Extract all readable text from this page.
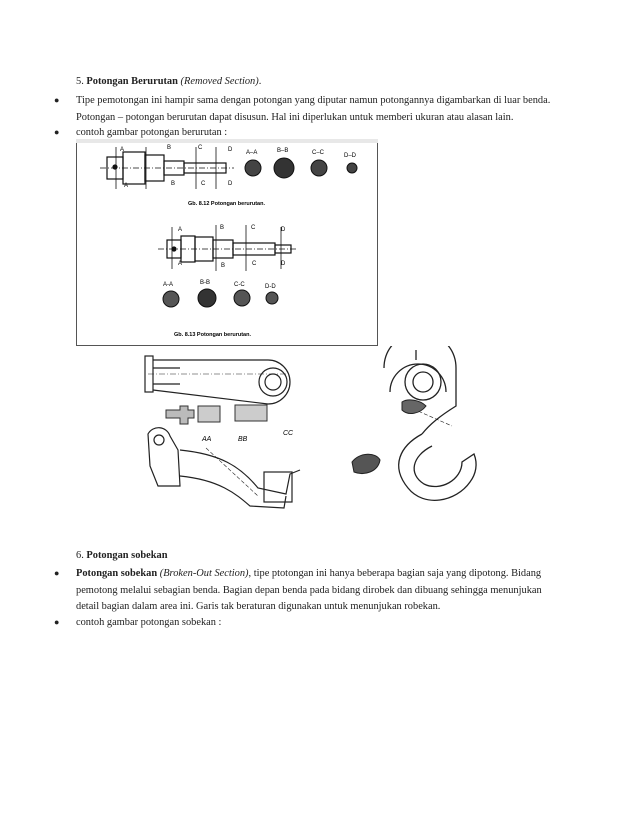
5. Potongan Berurutan (Removed Section).
● Tipe pemotongan ini hampir sama dengan potongan yang diputar namun potongannya digambarkan di luar benda.
Potongan – potongan berurutan dapat disusun. Hal ini diperlukan untuk memberi ukuran atau alasan lain.
● contoh gambar potongan berurutan :
A	B	C	D
A	B	C	D
A–A	B–B	C–C	D–D
Gb. 8.12 Potongan berurutan.
A	B	C	D
A	B	C	D
A-A	B-B	C-C	D-D
Gb. 8.13 Potongan berurutan.
AA	BB
CC
6. Potongan sobekan
● Potongan sobekan (Broken-Out Section), tipe ptotongan ini hanya beberapa bagian saja yang dipotong. Bidang
pemotong melalui sebagian benda. Bagian depan benda pada bidang dirobek dan dibuang sehingga menunjukan
detail bagian dalam area ini. Garis tak beraturan digunakan untuk menunjukan robekan.
● contoh gambar potongan sobekan :
